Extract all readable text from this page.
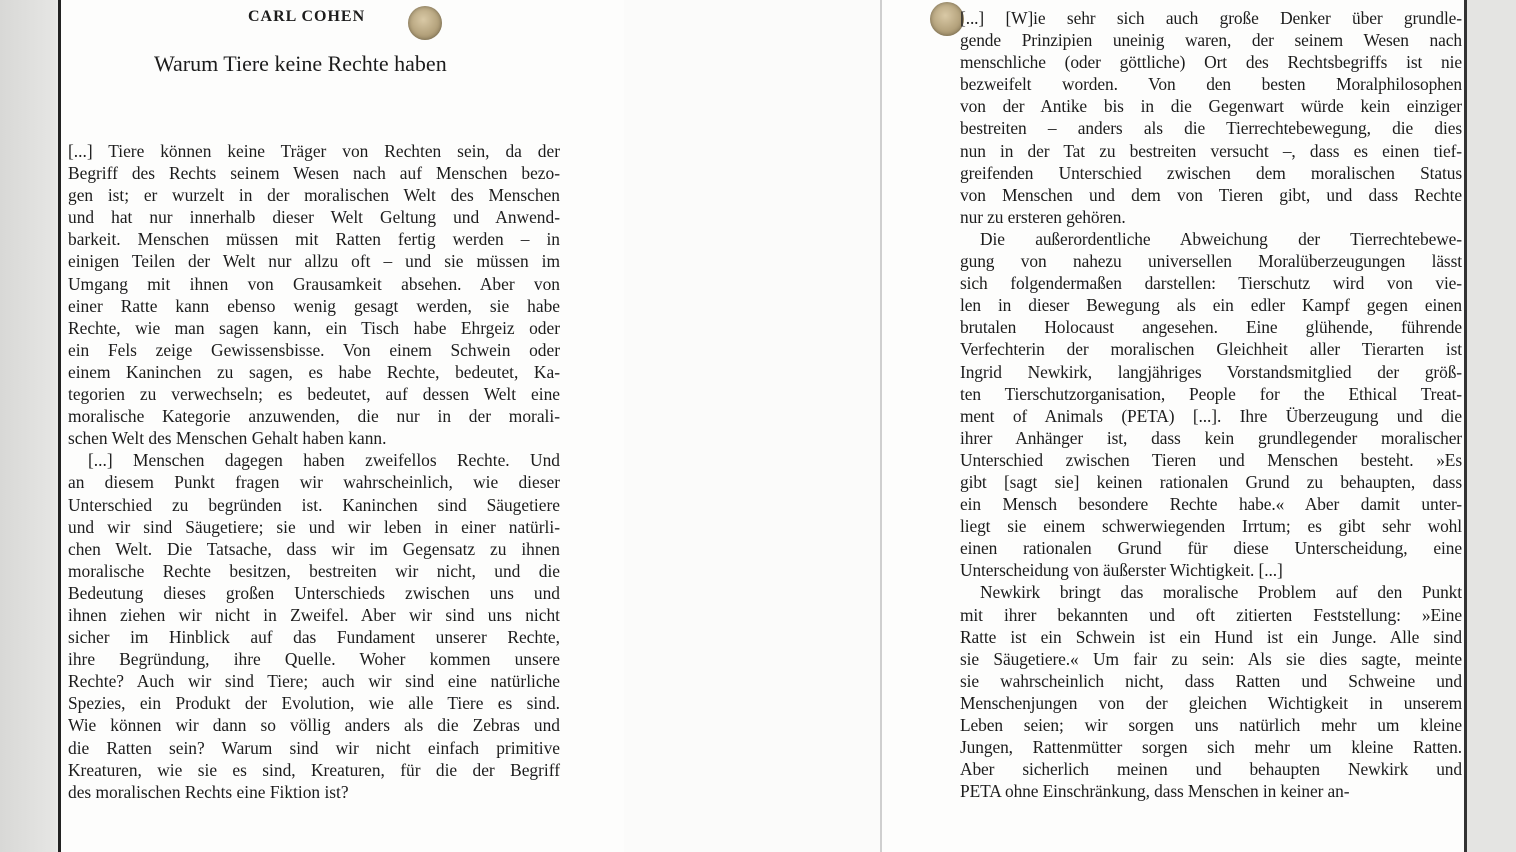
CARL COHEN
Warum Tiere keine Rechte haben

[...] Tiere können keine Träger von Rechten sein, da der
Begriff des Rechts seinem Wesen nach auf Menschen bezo-
gen ist; er wurzelt in der moralischen Welt des Menschen
und hat nur innerhalb dieser Welt Geltung und Anwend-
barkeit. Menschen müssen mit Ratten fertig werden – in
einigen Teilen der Welt nur allzu oft – und sie müssen im
Umgang mit ihnen von Grausamkeit absehen. Aber von
einer Ratte kann ebenso wenig gesagt werden, sie habe
Rechte, wie man sagen kann, ein Tisch habe Ehrgeiz oder
ein Fels zeige Gewissensbisse. Von einem Schwein oder
einem Kaninchen zu sagen, es habe Rechte, bedeutet, Ka-
tegorien zu verwechseln; es bedeutet, auf dessen Welt eine
moralische Kategorie anzuwenden, die nur in der morali-
schen Welt des Menschen Gehalt haben kann.

[...] Menschen dagegen haben zweifellos Rechte. Und
an diesem Punkt fragen wir wahrscheinlich, wie dieser
Unterschied zu begründen ist. Kaninchen sind Säugetiere
und wir sind Säugetiere; sie und wir leben in einer natürli-
chen Welt. Die Tatsache, dass wir im Gegensatz zu ihnen
moralische Rechte besitzen, bestreiten wir nicht, und die
Bedeutung dieses großen Unterschieds zwischen uns und
ihnen ziehen wir nicht in Zweifel. Aber wir sind uns nicht
sicher im Hinblick auf das Fundament unserer Rechte,
ihre Begründung, ihre Quelle. Woher kommen unsere
Rechte? Auch wir sind Tiere; auch wir sind eine natürliche
Spezies, ein Produkt der Evolution, wie alle Tiere es sind.
Wie können wir dann so völlig anders als die Zebras und
die Ratten sein? Warum sind wir nicht einfach primitive
Kreaturen, wie sie es sind, Kreaturen, für die der Begriff
des moralischen Rechts eine Fiktion ist?

[...] [W]ie sehr sich auch große Denker über grundle-
gende Prinzipien uneinig waren, der seinem Wesen nach
menschliche (oder göttliche) Ort des Rechtsbegriffs ist nie
bezweifelt worden. Von den besten Moralphilosophen
von der Antike bis in die Gegenwart würde kein einziger
bestreiten – anders als die Tierrechtebewegung, die dies
nun in der Tat zu bestreiten versucht –, dass es einen tief-
greifenden Unterschied zwischen dem moralischen Status
von Menschen und dem von Tieren gibt, und dass Rechte
nur zu ersteren gehören.

Die außerordentliche Abweichung der Tierrechtebewe-
gung von nahezu universellen Moralüberzeugungen lässt
sich folgendermaßen darstellen: Tierschutz wird von vie-
len in dieser Bewegung als ein edler Kampf gegen einen
brutalen Holocaust angesehen. Eine glühende, führende
Verfechterin der moralischen Gleichheit aller Tierarten ist
Ingrid Newkirk, langjähriges Vorstandsmitglied der größ-
ten Tierschutzorganisation, People for the Ethical Treat-
ment of Animals (PETA) [...]. Ihre Überzeugung und die
ihrer Anhänger ist, dass kein grundlegender moralischer
Unterschied zwischen Tieren und Menschen besteht. »Es
gibt [sagt sie] keinen rationalen Grund zu behaupten, dass
ein Mensch besondere Rechte habe.« Aber damit unter-
liegt sie einem schwerwiegenden Irrtum; es gibt sehr wohl
einen rationalen Grund für diese Unterscheidung, eine
Unterscheidung von äußerster Wichtigkeit. [...]

Newkirk bringt das moralische Problem auf den Punkt
mit ihrer bekannten und oft zitierten Feststellung: »Eine
Ratte ist ein Schwein ist ein Hund ist ein Junge. Alle sind
sie Säugetiere.« Um fair zu sein: Als sie dies sagte, meinte
sie wahrscheinlich nicht, dass Ratten und Schweine und
Menschenjungen von der gleichen Wichtigkeit in unserem
Leben seien; wir sorgen uns natürlich mehr um kleine
Jungen, Rattenmütter sorgen sich mehr um kleine Ratten.
Aber sicherlich meinen und behaupten Newkirk und
PETA ohne Einschränkung, dass Menschen in keiner an-
